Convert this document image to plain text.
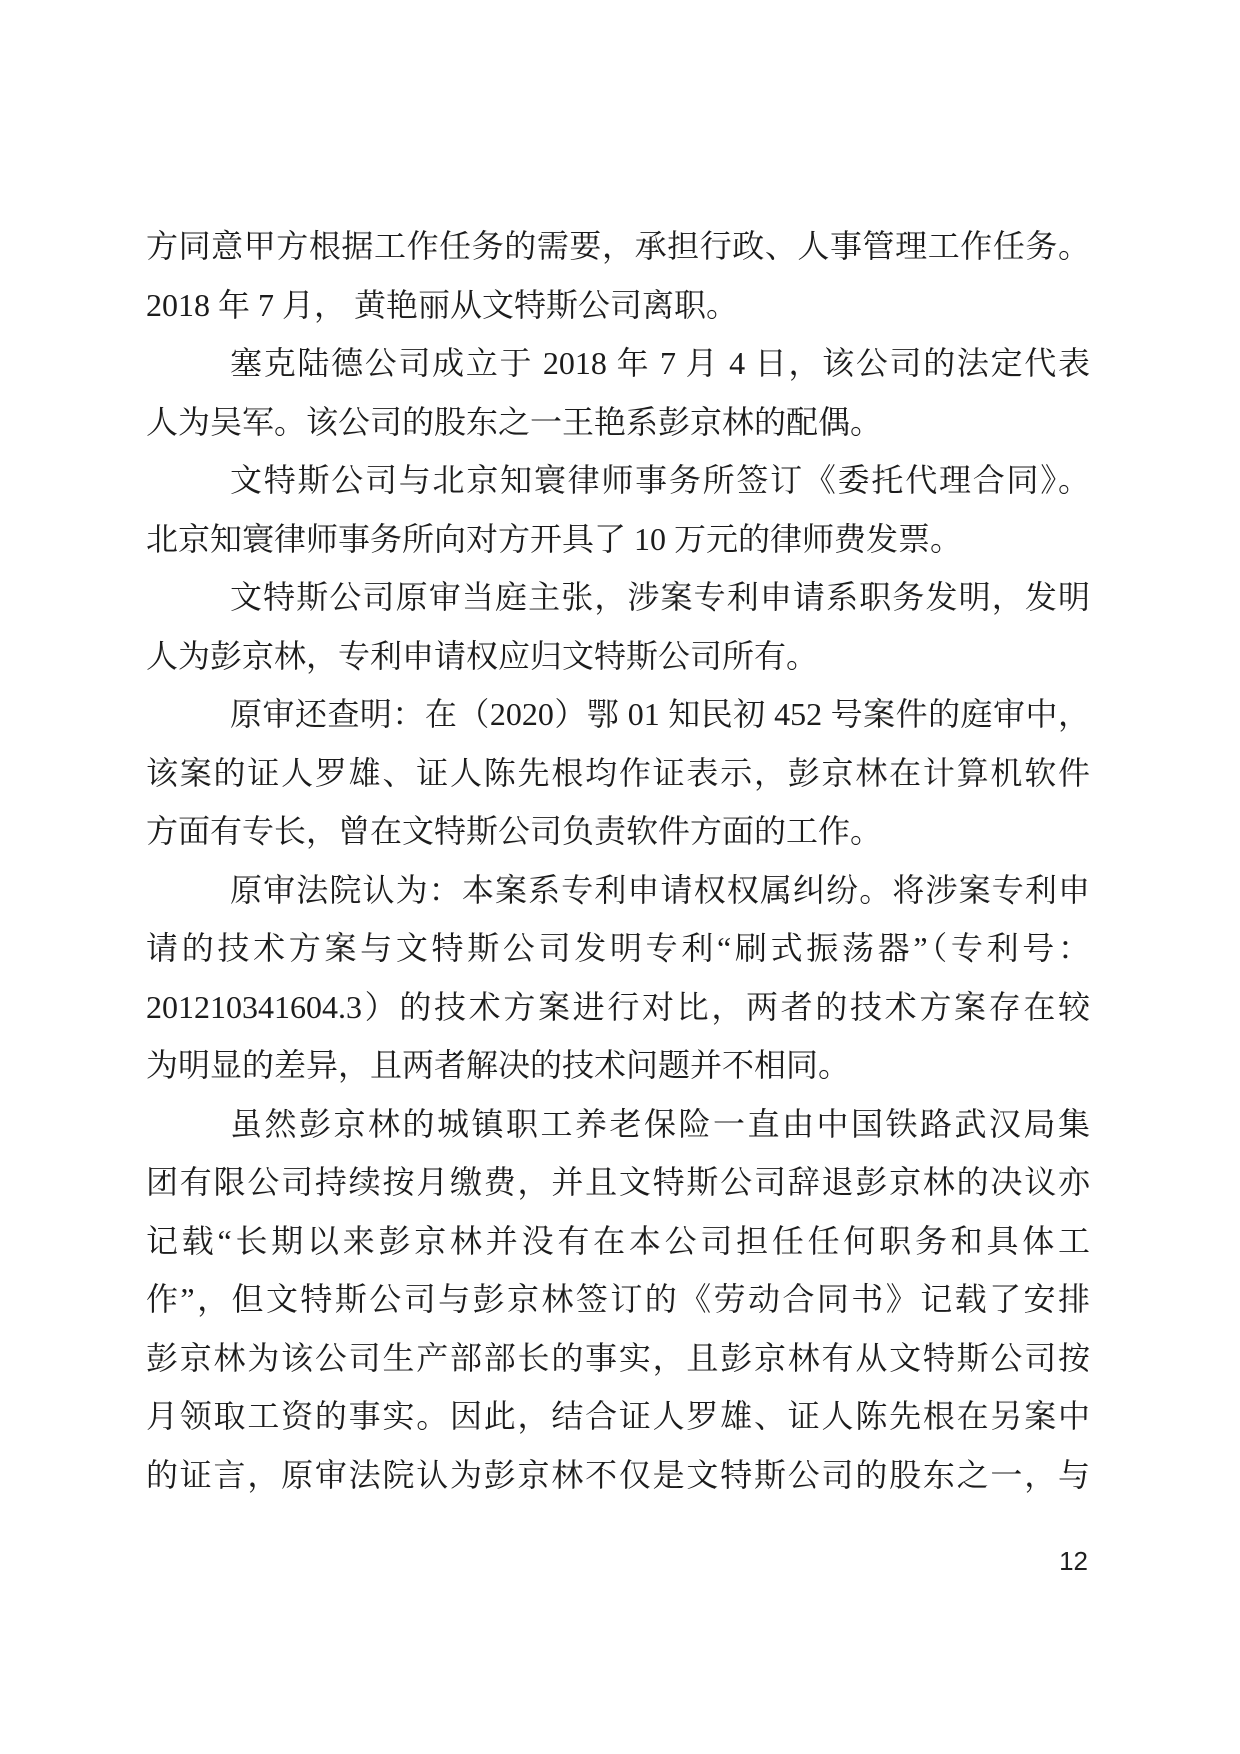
方同意甲方根据工作任务的需要，承担行政、人事管理工作任务。
2018 年 7 月， 黄艳丽从文特斯公司离职。
塞克陆德公司成立于 2018 年 7 月 4 日，该公司的法定代表
人为吴军。该公司的股东之一王艳系彭京林的配偶。
文特斯公司与北京知寰律师事务所签订《委托代理合同》。
北京知寰律师事务所向对方开具了 10 万元的律师费发票。
文特斯公司原审当庭主张，涉案专利申请系职务发明，发明
人为彭京林，专利申请权应归文特斯公司所有。
原审还查明：在（2020）鄂 01 知民初 452 号案件的庭审中，
该案的证人罗雄、证人陈先根均作证表示，彭京林在计算机软件
方面有专长，曾在文特斯公司负责软件方面的工作。
原审法院认为：本案系专利申请权权属纠纷。将涉案专利申
请的技术方案与文特斯公司发明专利“刷式振荡器”（专利号：
201210341604.3）的技术方案进行对比，两者的技术方案存在较
为明显的差异，且两者解决的技术问题并不相同。
虽然彭京林的城镇职工养老保险一直由中国铁路武汉局集
团有限公司持续按月缴费，并且文特斯公司辞退彭京林的决议亦
记载“长期以来彭京林并没有在本公司担任任何职务和具体工
作”，但文特斯公司与彭京林签订的《劳动合同书》记载了安排
彭京林为该公司生产部部长的事实，且彭京林有从文特斯公司按
月领取工资的事实。因此，结合证人罗雄、证人陈先根在另案中
的证言，原审法院认为彭京林不仅是文特斯公司的股东之一，与
12
